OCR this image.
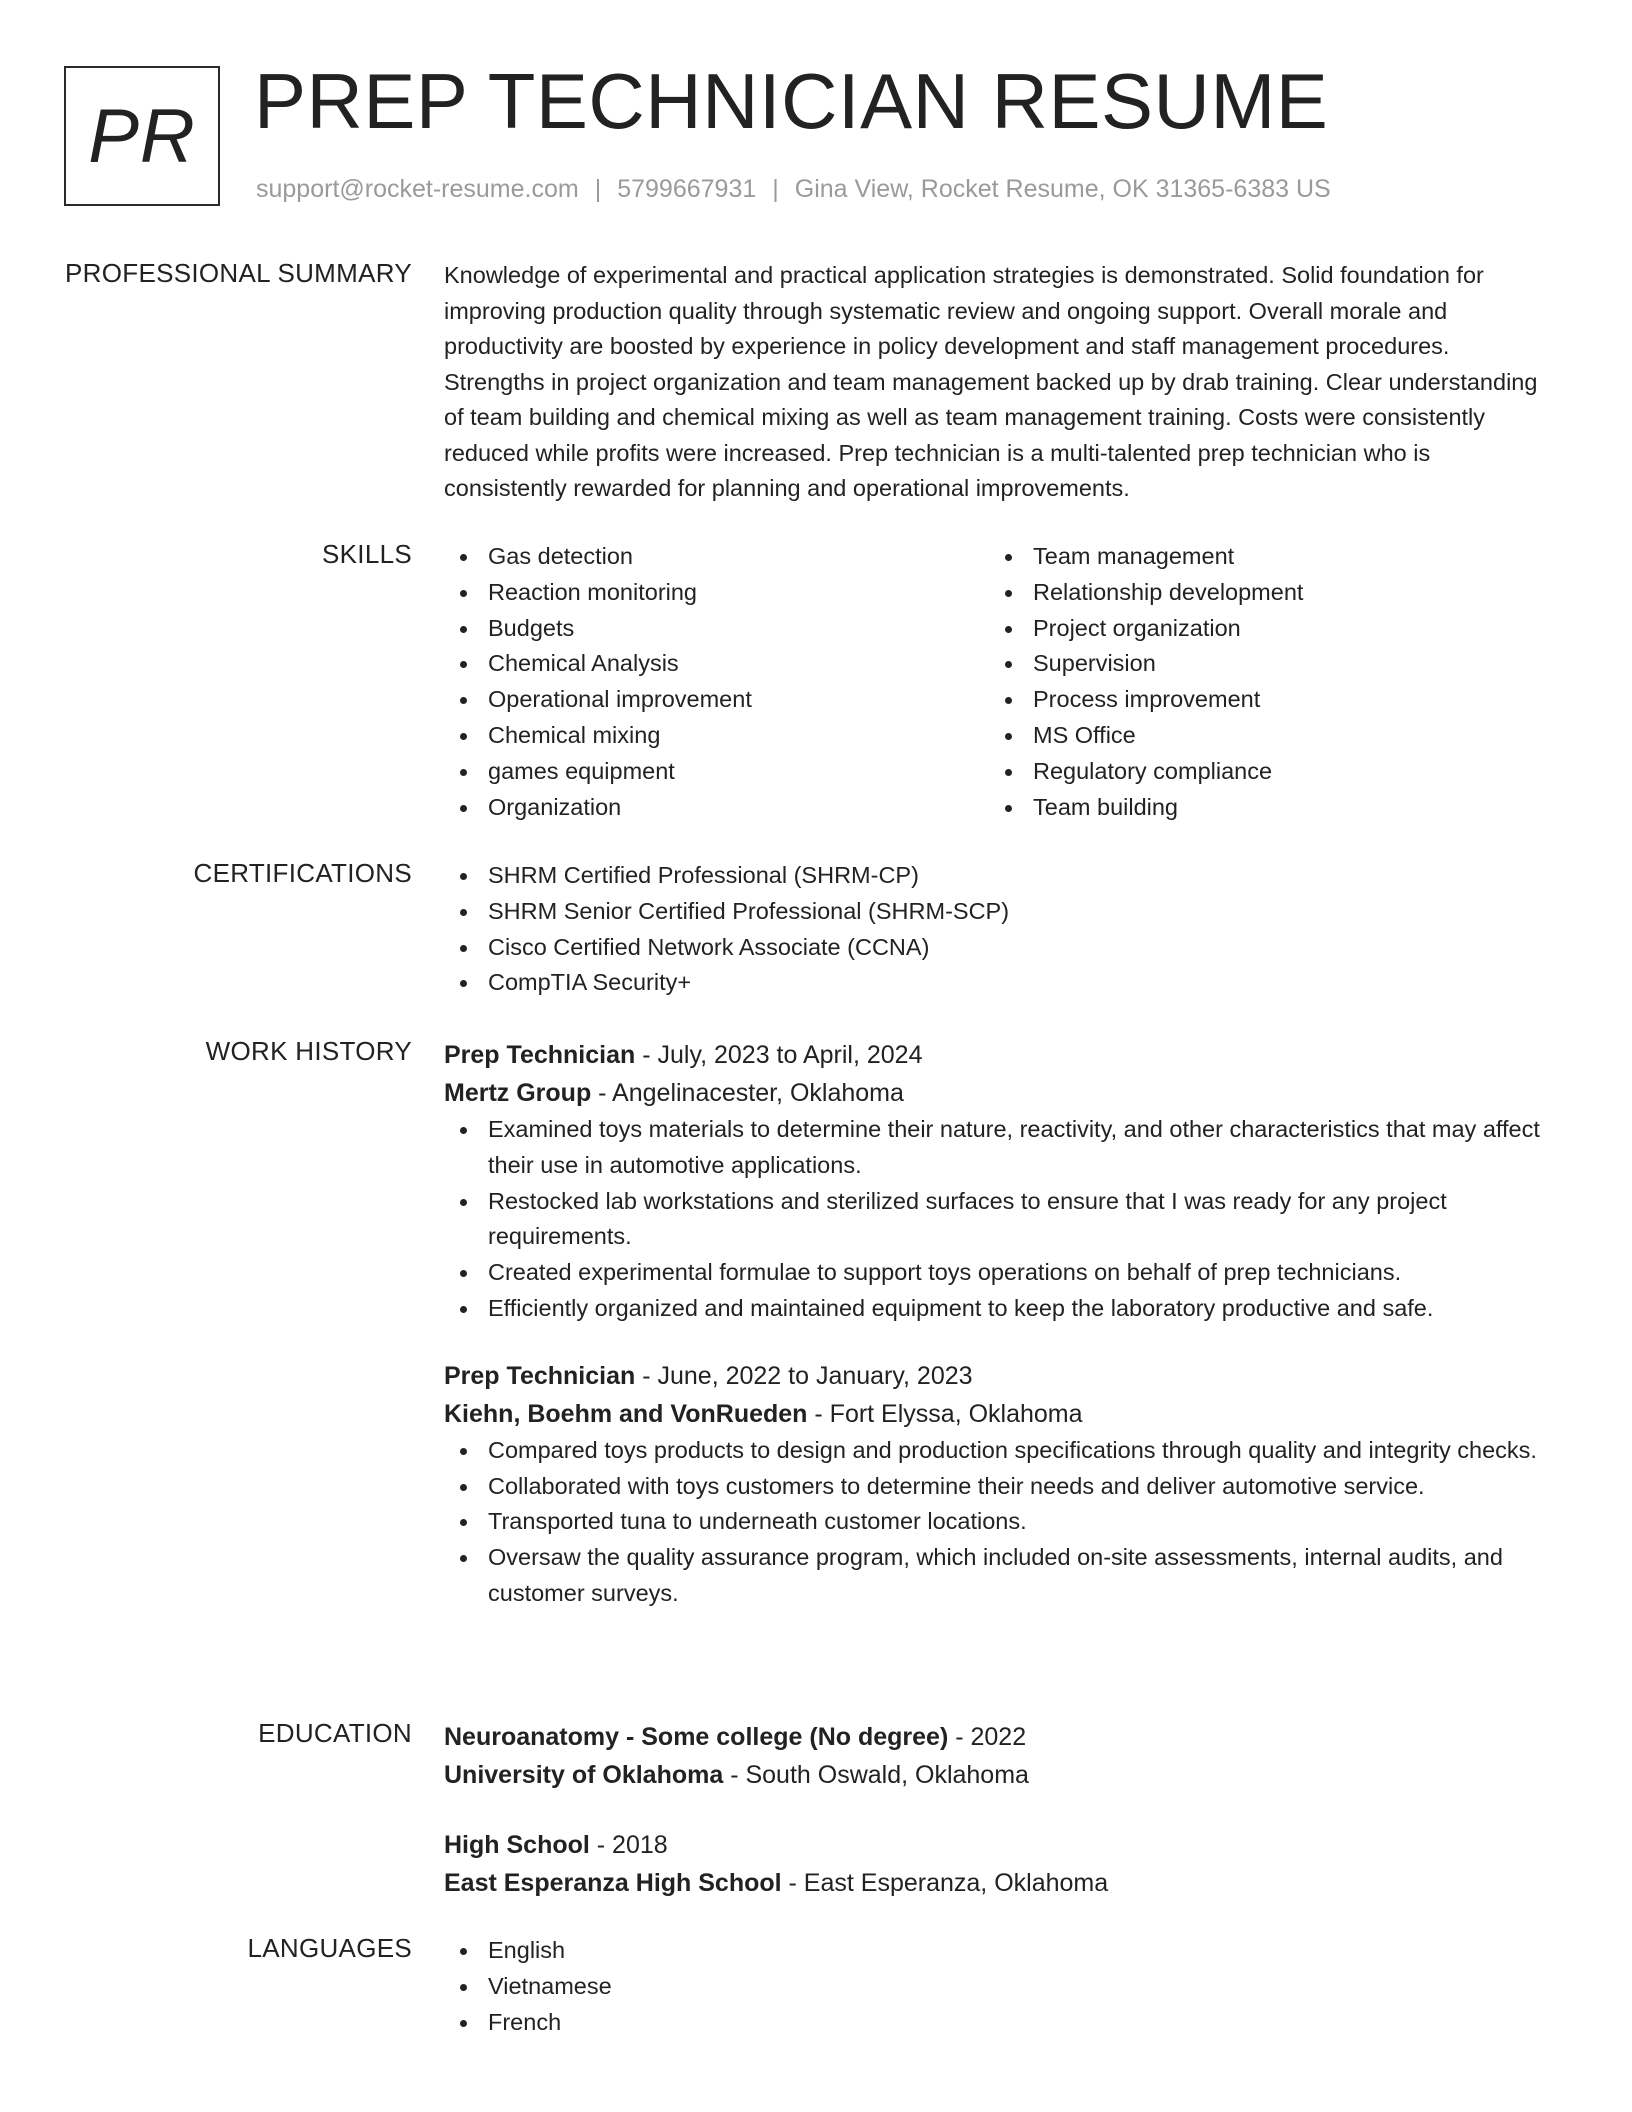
PR PREP TECHNICIAN RESUME
support@rocket-resume.com | 5799667931 | Gina View, Rocket Resume, OK 31365-6383 US
PROFESSIONAL SUMMARY Knowledge of experimental and practical application strategies is demonstrated. Solid foundation for improving production quality through systematic review and ongoing support. Overall morale and productivity are boosted by experience in policy development and staff management procedures. Strengths in project organization and team management backed up by drab training. Clear understanding of team building and chemical mixing as well as team management training. Costs were consistently reduced while profits were increased. Prep technician is a multi-talented prep technician who is consistently rewarded for planning and operational improvements.

SKILLS	Gas detection
Reaction monitoring
Budgets
Chemical Analysis
Operational improvement
Chemical mixing
games equipment
Organization
Team management
Relationship development
Project organization
Supervision
Process improvement
MS Office
Regulatory compliance
Team building
CERTIFICATIONS	SHRM Certified Professional (SHRM-CP)
SHRM Senior Certified Professional (SHRM-SCP)
Cisco Certified Network Associate (CCNA)
CompTIA Security+
WORK HISTORY Prep Technician - July, 2023 to April, 2024
Mertz Group - Angelinacester, Oklahoma
Examined toys materials to determine their nature, reactivity, and other characteristics that may affect their use in automotive applications.
Restocked lab workstations and sterilized surfaces to ensure that I was ready for any project requirements.
Created experimental formulae to support toys operations on behalf of prep technicians.
Efficiently organized and maintained equipment to keep the laboratory productive and safe.
Prep Technician - June, 2022 to January, 2023
Kiehn, Boehm and VonRueden - Fort Elyssa, Oklahoma
Compared toys products to design and production specifications through quality and integrity checks.
Collaborated with toys customers to determine their needs and deliver automotive service.
Transported tuna to underneath customer locations.
Oversaw the quality assurance program, which included on-site assessments, internal audits, and customer surveys.
EDUCATION Neuroanatomy - Some college (No degree) - 2022
University of Oklahoma - South Oswald, Oklahoma
High School - 2018
East Esperanza High School - East Esperanza, Oklahoma
LANGUAGES	English
Vietnamese
French
